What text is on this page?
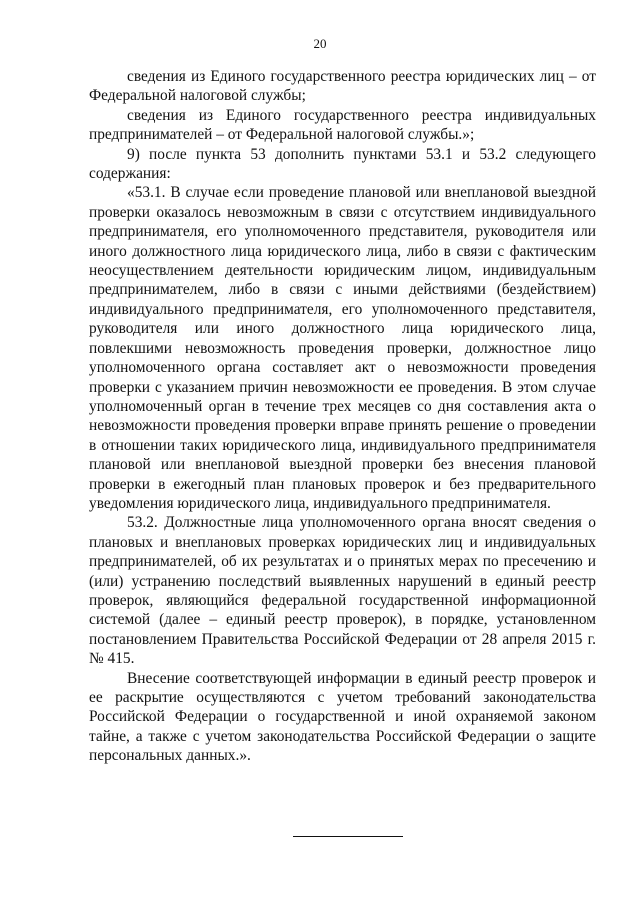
20

сведения из Единого государственного реестра юридических лиц – от Федеральной налоговой службы;

сведения из Единого государственного реестра индивидуальных предпринимателей – от Федеральной налоговой службы.»;

9) после пункта 53 дополнить пунктами 53.1 и 53.2 следующего содержания:

«53.1. В случае если проведение плановой или внеплановой выездной проверки оказалось невозможным в связи с отсутствием индивидуального предпринимателя, его уполномоченного представителя, руководителя или иного должностного лица юридического лица, либо в связи с фактическим неосуществлением деятельности юридическим лицом, индивидуальным предпринимателем, либо в связи с иными действиями (бездействием) индивидуального предпринимателя, его уполномоченного представителя, руководителя или иного должностного лица юридического лица, повлекшими невозможность проведения проверки, должностное лицо уполномоченного органа составляет акт о невозможности проведения проверки с указанием причин невозможности ее проведения. В этом случае уполномоченный орган в течение трех месяцев со дня составления акта о невозможности проведения проверки вправе принять решение о проведении в отношении таких юридического лица, индивидуального предпринимателя плановой или внеплановой выездной проверки без внесения плановой проверки в ежегодный план плановых проверок и без предварительного уведомления юридического лица, индивидуального предпринимателя.

53.2. Должностные лица уполномоченного органа вносят сведения о плановых и внеплановых проверках юридических лиц и индивидуальных предпринимателей, об их результатах и о принятых мерах по пресечению и (или) устранению последствий выявленных нарушений в единый реестр проверок, являющийся федеральной государственной информационной системой (далее – единый реестр проверок), в порядке, установленном постановлением Правительства Российской Федерации от 28 апреля 2015 г. № 415.

Внесение соответствующей информации в единый реестр проверок и ее раскрытие осуществляются с учетом требований законодательства Российской Федерации о государственной и иной охраняемой законом тайне, а также с учетом законодательства Российской Федерации о защите персональных данных.».
